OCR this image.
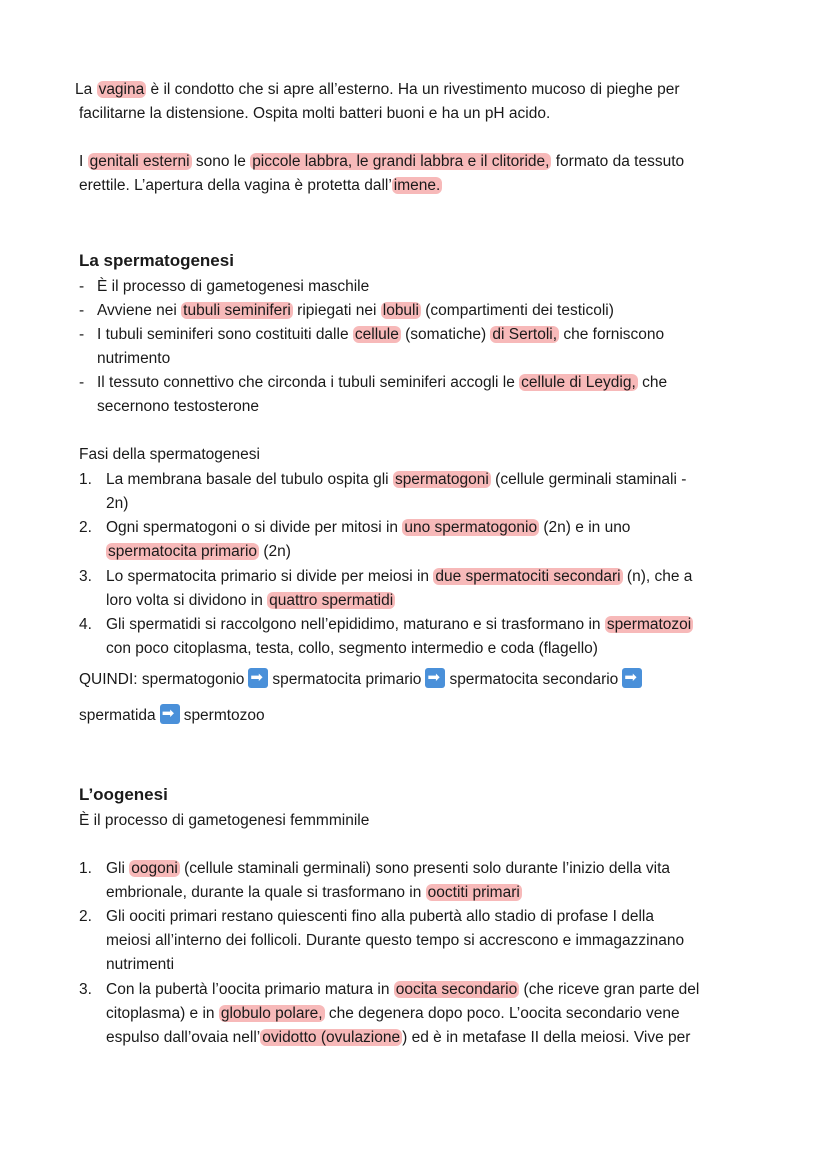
La vagina è il condotto che si apre all’esterno. Ha un rivestimento mucoso di pieghe per
facilitarne la distensione. Ospita molti batteri buoni e ha un pH acido.
I genitali esterni sono le piccole labbra, le grandi labbra e il clitoride, formato da tessuto
erettile. L’apertura della vagina è protetta dall’ imene.
La spermatogenesi
- È il processo di gametogenesi maschile
- Avviene nei tubuli seminiferi ripiegati nei lobuli (compartimenti dei testicoli)
- I tubuli seminiferi sono costituiti dalle cellule (somatiche) di Sertoli, che forniscono
nutrimento
- Il tessuto connettivo che circonda i tubuli seminiferi accogli le cellule di Leydig, che
secernono testosterone
Fasi della spermatogenesi
1. La membrana basale del tubulo ospita gli spermatogoni (cellule germinali staminali -
2n)
2. Ogni spermatogoni o si divide per mitosi in uno spermatogonio (2n) e in uno
spermatocita primario (2n)
3. Lo spermatocita primario si divide per meiosi in due spermatociti secondari (n), che a
loro volta si dividono in quattro spermatidi
4. Gli spermatidi si raccolgono nell’epididimo, maturano e si trasformano in spermatozoi
con poco citoplasma, testa, collo, segmento intermedio e coda (flagello)
QUINDI: spermatogonio ➡ spermatocita primario ➡ spermatocita secondario➡
spermatida ➡ spermtozoo
L’oogenesi
È il processo di gametogenesi femmminile
1. Gli oogoni (cellule staminali germinali) sono presenti solo durante l’inizio della vita
embrionale, durante la quale si trasformano in ooctiti primari
2. Gli oociti primari restano quiescenti fino alla pubertà allo stadio di profase I della
meiosi all’interno dei follicoli. Durante questo tempo si accrescono e immagazzinano
nutrimenti
3. Con la pubertà l’oocita primario matura in oocita secondario (che riceve gran parte del
citoplasma) e in globulo polare, che degenera dopo poco. L’oocita secondario vene
espulso dall’ovaia nell’ ovidotto (ovulazione ) ed è in metafase II della meiosi. Vive per
